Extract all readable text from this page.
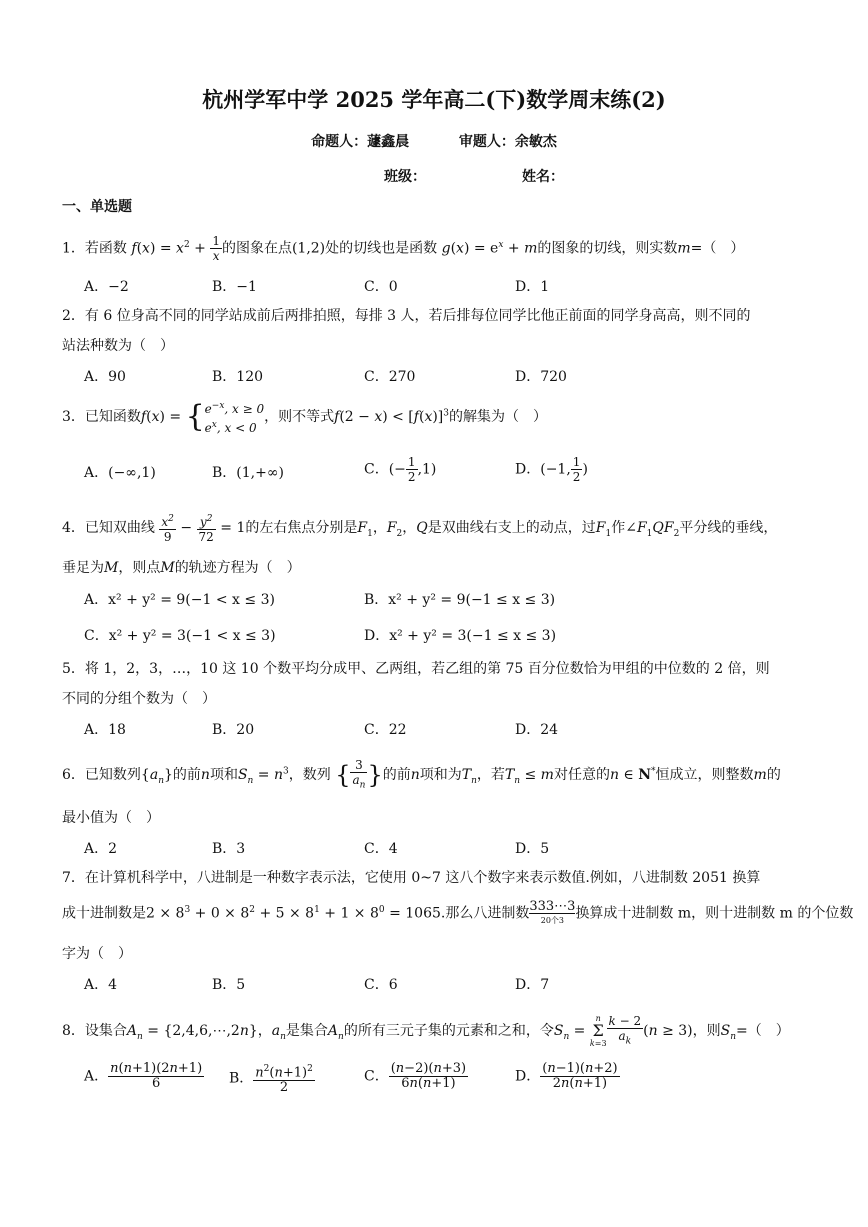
杭州学军中学 2025 学年高二(下)数学周末练(2)
命题人：蘧鑫晨	审题人：余敏杰
班级：	姓名：
一、单选题
1．若函数 $f(x) = x^2 + \frac{1}{x}$ 的图象在点(1,2)处的切线也是函数 $g(x) = e^x + m$的图象的切线，则实数m=（　）
A．−2	B．−1	C．0	D．1
2．有 6 位身高不同的同学站成前后两排拍照，每排 3 人，若后排每位同学比他正前面的同学身高高，则不同的
站法种数为（　）
A．90	B．120	C．270	D．720
3．已知函数f(x) = { $e^{-x}$, x ≥ 0
$e^x$, x < 0
，则不等式$f(2 - x) < [f(x)]^3$的解集为（　）
A．(−∞,1)	B．(1,+∞)	C．(− $\frac{1}{2} ,1$)	D．(−1, $\frac{1}{2}$ )
4．已知双曲线 $\frac{x^2}{9} - \frac{y^2}{72} = 1$的左右焦点分别是$F_1$，$F_2$，Q是双曲线右支上的动点，过$F_1$作$\angle F_1QF_2$平分线的垂线，
垂足为M，则点M的轨迹方程为（　）
A．x² + y² = 9(−1 < x ≤ 3)	B．x² + y² = 9(−1 ≤ x ≤ 3)
C．x² + y² = 3(−1 < x ≤ 3)	D．x² + y² = 3(−1 ≤ x ≤ 3)
5．将 1，2，3，…，10 这 10 个数平均分成甲、乙两组，若乙组的第 75 百分位数恰为甲组的中位数的 2 倍，则
不同的分组个数为（　）
A．18	B．20	C．22	D．24
6．已知数列$\{a_n\}$的前n项和$S_n = n^3$，数列 { $\frac{3}{a_n}$ }的前n项和为$T_n$，若$T_n \le m$对任意的n ∈ N*恒成立，则整数m的
最小值为（　）
A．2	B．3	C．4	D．5
7．在计算机科学中，八进制是一种数字表示法，它使用 0~7 这八个数字来表示数值.例如，八进制数 2051 换算
成十进制数是$2 \times 8^3 + 0 \times 8^2 + 5 \times 8^1 + 1 \times 8^0 = 1065$.那么八进制数 333⋯3
20个3 换算成十进制数 m，则十进制数 m 的个位数
字为（　）
A．4	B．5	C．6	D．7
8．设集合$A_n$ = {2,4,6,⋯,2n}，$a_n$是集合$A_n$的所有三元子集的元素和之和，令$S_n$ =
n
Σ
$k=3 \frac{k - 2}{a_k} (n \ge 3)$，则$S_n=$（　）
A． $\frac{n(n+1)(2n+1)}{6}$ B． $\frac{n^2(n+1)^2}{2}$	C． $\frac{(n-2)(n+3)}{6n(n+1)}$	D． $\frac{(n-1)(n+2)}{2n(n+1)}$
